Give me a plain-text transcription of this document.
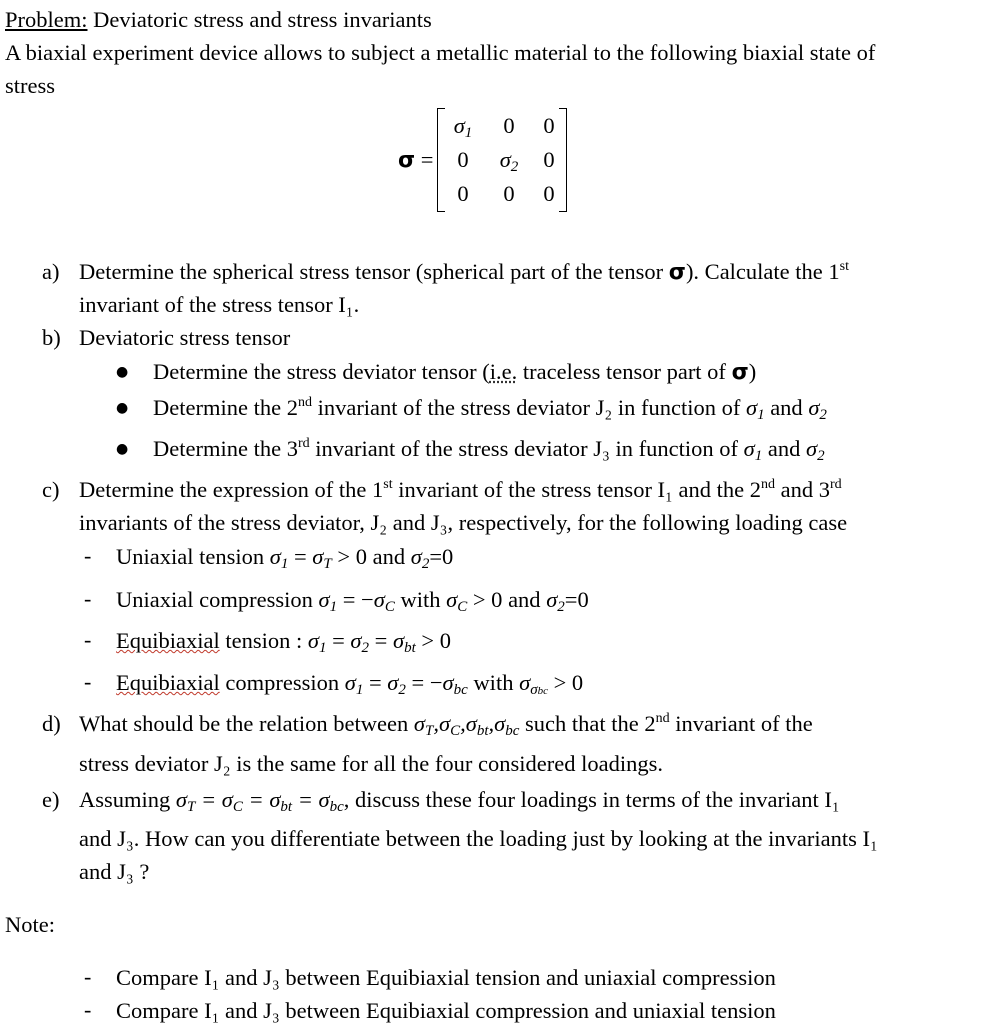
Problem: Deviatoric stress and stress invariants
A biaxial experiment device allows to subject a metallic material to the following biaxial state of
stress
σ =
$\sigma_1$	0	0
0	$\sigma_2$	0
0	0	0
a) Determine the spherical stress tensor (spherical part of the tensor σ). Calculate the 1st
invariant of the stress tensor I₁.
b) Deviatoric stress tensor
● Determine the stress deviator tensor (i.e. traceless tensor part of σ)
● Determine the 2nd invariant of the stress deviator J₂ in function of $\sigma_1$ and $\sigma_2$
● Determine the 3rd invariant of the stress deviator J₃ in function of $\sigma_1$ and $\sigma_2$
c) Determine the expression of the 1st invariant of the stress tensor I₁ and the 2nd and 3rd
invariants of the stress deviator, J₂ and J₃, respectively, for the following loading case
- Uniaxial tension $\sigma_1 = \sigma_T > 0$ and $\sigma_2=0$
- Uniaxial compression $\sigma_1 = -\sigma_C$ with $\sigma_C > 0$ and $\sigma_2=0$
- Equibiaxial tension : $\sigma_1 = \sigma_2 = \sigma_{bt} > 0$
- Equibiaxial compression $\sigma_1 = \sigma_2 = -\sigma_{bc}$ with $\sigma_{\sigma bc} > 0$
d) What should be the relation between $\sigma_T,\sigma_C,\sigma_{bt},\sigma_{bc}$ such that the 2nd invariant of the
stress deviator J₂ is the same for all the four considered loadings.
e) Assuming $\sigma_T = \sigma_C = \sigma_{bt} = \sigma_{bc}$, discuss these four loadings in terms of the invariant I₁
and J₃. How can you differentiate between the loading just by looking at the invariants I₁
and J₃ ?
Note:
- Compare I₁ and J₃ between Equibiaxial tension and uniaxial compression
- Compare I₁ and J₃ between Equibiaxial compression and uniaxial tension
